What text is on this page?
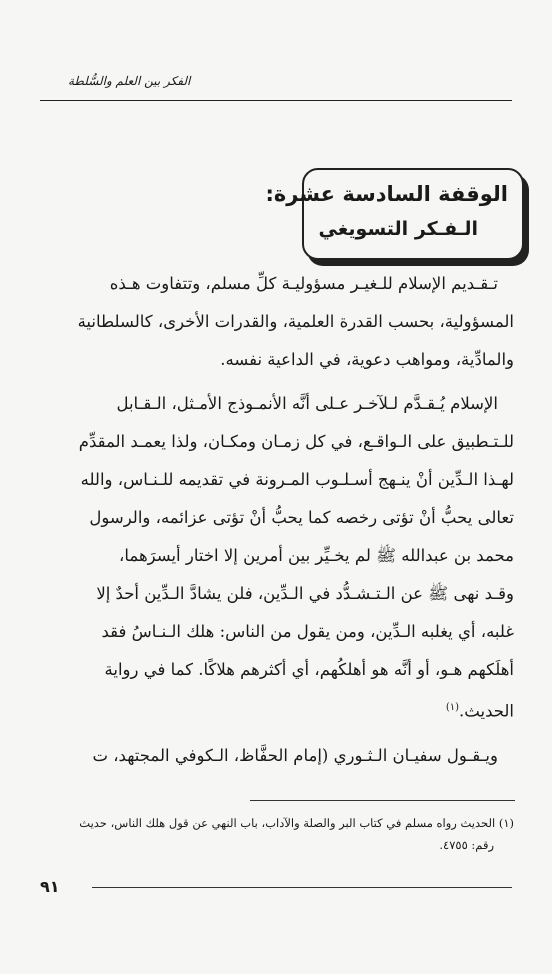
الفكر بين العلم والسُّلطة
الوقفة السادسة عشرة:
الـفـكر التسويغي

تـقـديم الإسلام للـغيـر مسؤوليـة كلِّ مسلم، وتتفاوت هـذه
المسؤولية، بحسب القدرة العلمية، والقدرات الأخرى، كالسلطانية
والمادِّية، ومواهب دعوية، في الداعية نفسه.

الإسلام يُـقـدَّم لـلآخـر عـلى أنَّه الأنمـوذج الأمـثل، الـقـابل
للـتـطبيق على الـواقـع، في كل زمـان ومكـان، ولذا يعمـد المقدِّم
لهـذا الـدِّين أنْ ينـهج أسـلـوب المـرونة في تقديمه للـنـاس، والله
تعالى يحبُّ أنْ تؤتى رخصه كما يحبُّ أنْ تؤتى عزائمه، والرسول
محمد بن عبدالله ﷺ لم يخـيِّر بين أمرين إلا اختار أيسرَهما،
وقـد نهى ﷺ عن الـتـشـدُّد في الـدِّين، فلن يشادَّ الـدِّين أحدٌ إلا
غلبه، أي يغلبه الـدِّين، ومن يقول من الناس: هلك الـنـاسُ فقد
أهلَكهم هـو، أو أنَّه هو أهلكُهم، أي أكثرهم هلاكًا. كما في رواية
الحديث.$^{(١)}$

ويـقـول سفيـان الـثـوري (إمام الحفَّاظ، الـكوفي المجتهد، ت

(١) الحديث رواه مسلم في كتاب البر والصلة والآداب، باب النهي عن قول هلك الناس، حديث
رقم: ٤٧٥٥.
٩١
